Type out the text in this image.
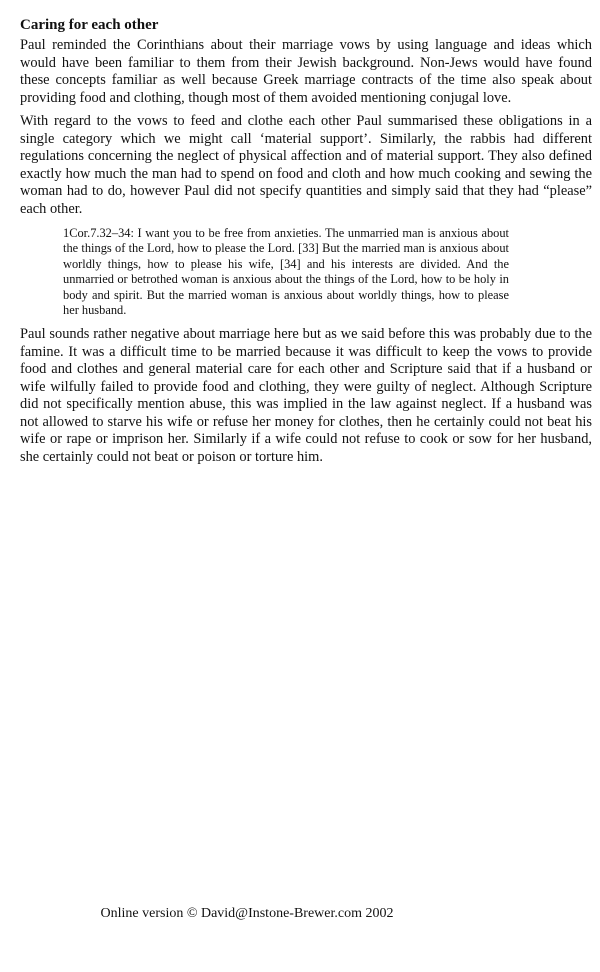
Caring for each other

Paul reminded the Corinthians about their marriage vows by using language and ideas which would have been familiar to them from their Jewish background. Non-Jews would have found these concepts familiar as well because Greek marriage contracts of the time also speak about providing food and clothing, though most of them avoided mentioning conjugal love.

With regard to the vows to feed and clothe each other Paul summarised these obligations in a single category which we might call ‘material support’. Similarly, the rabbis had different regulations concerning the neglect of physical affection and of material support. They also defined exactly how much the man had to spend on food and cloth and how much cooking and sewing the woman had to do, however Paul did not specify quantities and simply said that they had “please” each other.

1Cor.7.32–34: I want you to be free from anxieties. The unmarried man is anxious about the things of the Lord, how to please the Lord. [33] But the married man is anxious about worldly things, how to please his wife, [34] and his interests are divided. And the unmarried or betrothed woman is anxious about the things of the Lord, how to be holy in body and spirit. But the married woman is anxious about worldly things, how to please her husband.

Paul sounds rather negative about marriage here but as we said before this was probably due to the famine. It was a difficult time to be married because it was difficult to keep the vows to provide food and clothes and general material care for each other and Scripture said that if a husband or wife wilfully failed to provide food and clothing, they were guilty of neglect. Although Scripture did not specifically mention abuse, this was implied in the law against neglect. If a husband was not allowed to starve his wife or refuse her money for clothes, then he certainly could not beat his wife or rape or imprison her. Similarly if a wife could not refuse to cook or sow for her husband, she certainly could not beat or poison or torture him.

Online version © David@Instone-Brewer.com 2002
